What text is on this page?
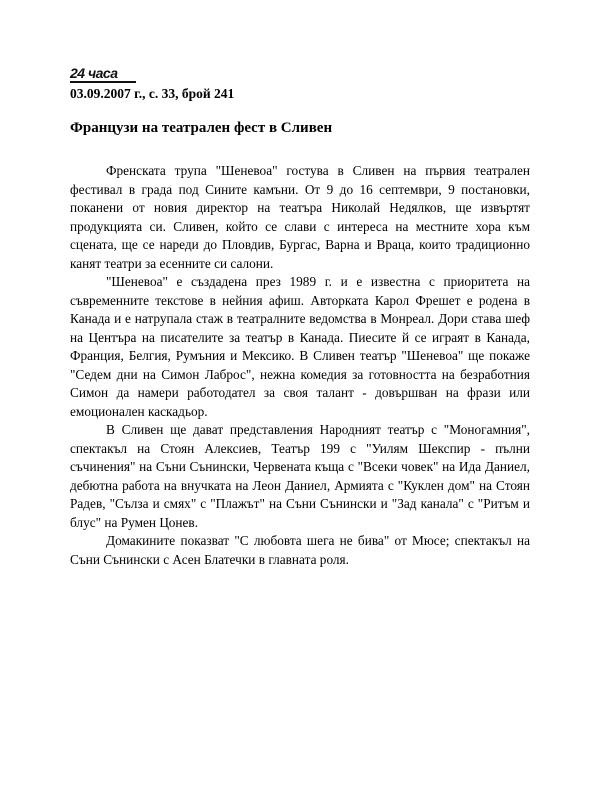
24 часа
03.09.2007 г., с. 33, брой 241
Французи на театрален фест в Сливен

Френската трупа "Шеневоа" гостува в Сливен на първия театрален фестивал в града под Сините камъни. От 9 до 16 септември, 9 постановки, поканени от новия директор на театъра Николай Недялков, ще извъртят продукцията си. Сливен, който се слави с интереса на местните хора към сцената, ще се нареди до Пловдив, Бургас, Варна и Враца, които традиционно канят театри за есенните си салони.

"Шеневоа" е създадена през 1989 г. и е известна с приоритета на съвременните текстове в нейния афиш. Авторката Карол Фрешет е родена в Канада и е натрупала стаж в театралните ведомства в Монреал. Дори става шеф на Центъра на писателите за театър в Канада. Пиесите й се играят в Канада, Франция, Белгия, Румъния и Мексико. В Сливен театър "Шеневоа" ще покаже "Седем дни на Симон Лаброс", нежна комедия за готовността на безработния Симон да намери работодател за своя талант - довършван на фрази или емоционален каскадьор.

В Сливен ще дават представления Народният театър с "Моногамния", спектакъл на Стоян Алексиев, Театър 199 с "Уилям Шекспир - пълни съчинения" на Съни Сънински, Червената къща с "Всеки човек" на Ида Даниел, дебютна работа на внучката на Леон Даниел, Армията с "Куклен дом" на Стоян Радев, "Сълза и смях" с "Плажът" на Съни Сънински и "Зад канала" с "Ритъм и блус" на Румен Цонев.

Домакините показват "С любовта шега не бива" от Мюсе; спектакъл на Съни Сънински с Асен Блатечки в главната роля.
